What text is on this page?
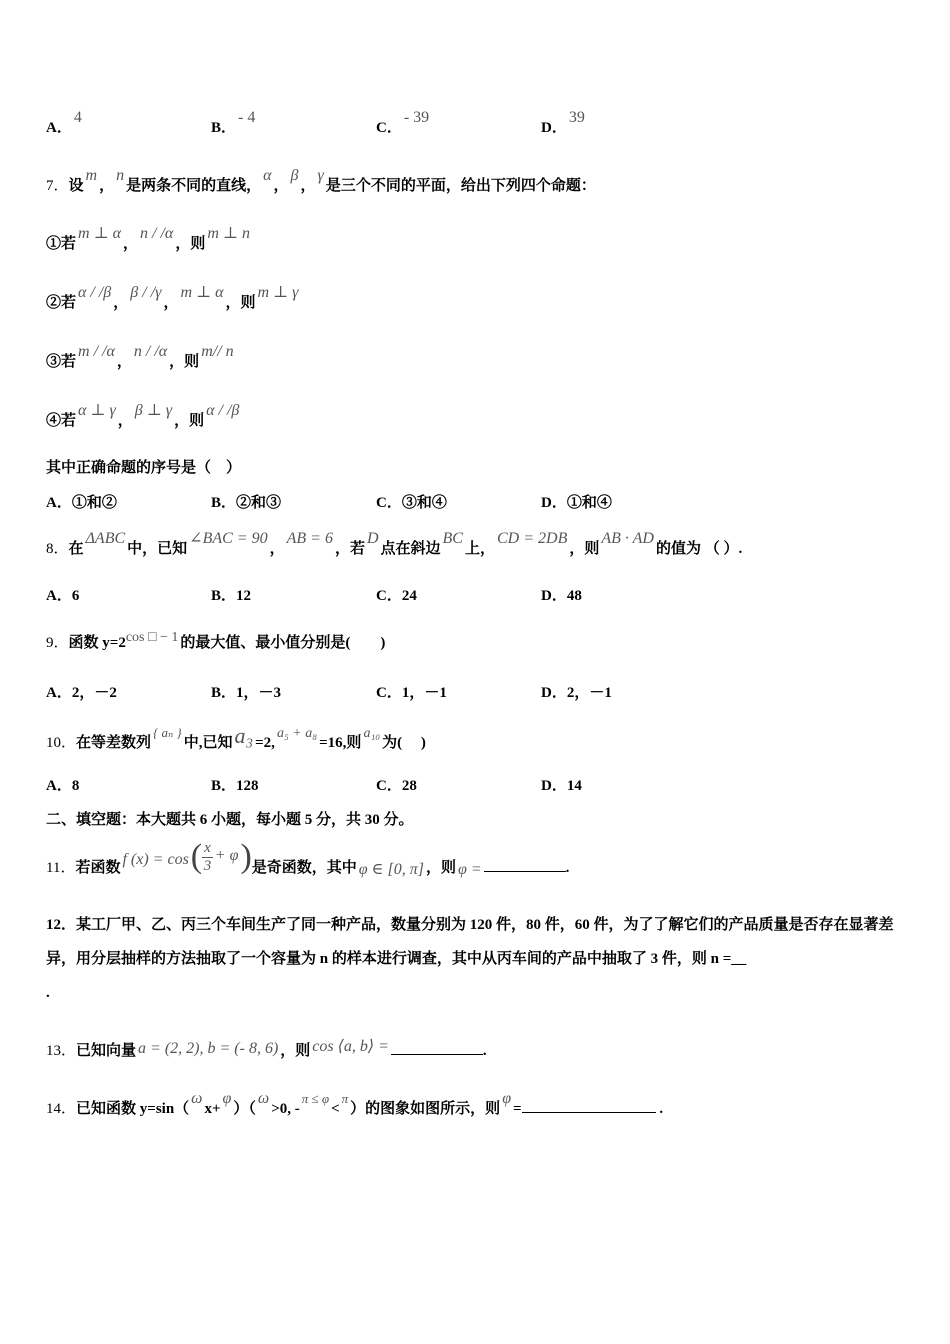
A．4
B．- 4
C．- 39
D．39
7．设m，n是两条不同的直线，α，β，γ是三个不同的平面，给出下列四个命题：
①若m ⊥ α，n / /α，则m ⊥ n
②若α / /β，β / /γ，m ⊥ α，则m ⊥ γ
③若m / /α，n / /α，则m// n
④若α ⊥ γ，β ⊥ γ，则α / /β
其中正确命题的序号是（　）
A．①和②	B．②和③	C．③和④	D．①和④
8．在ΔABC中，已知∠BAC = 90，AB = 6，若D点在斜边BC上，CD = 2DB，则AB · AD的值为 （ ）.
A．6	B．12	C．24	D．48
9．函数 y=2cos □ − 1 的最大值、最小值分别是(　　)
A．2，－2	B．1，－3	C．1，－1	D．2，－1
10．在等差数列{ aₙ }中,已知a₃ =2,a₅ + a₈=16,则a₁₀为(　 )
A．8	B．128	C．28	D．14
二、填空题：本大题共 6 小题，每小题 5 分，共 30 分。
11．若函数 f $(x) = \cos( \frac{x}{3} + \varphi)$是奇函数，其中 φ ∈ [0, π] ，则 φ =	.
12．某工厂甲、乙、丙三个车间生产了同一种产品，数量分别为 120 件，80 件，60 件，为了了解它们的产品质量是否存在显著差异，用分层抽样的方法抽取了一个容量为 n 的样本进行调查，其中从丙车间的产品中抽取了 3 件，则 n =__
.
13．已知向量 a = (2, 2), b = (- 8, 6) ，则 cos ⟨a, b⟩ =	.
14．已知函数 y=sin（ωx+φ）（ω>0, -π ≤ φ<π）的图象如图所示，则φ=	.
